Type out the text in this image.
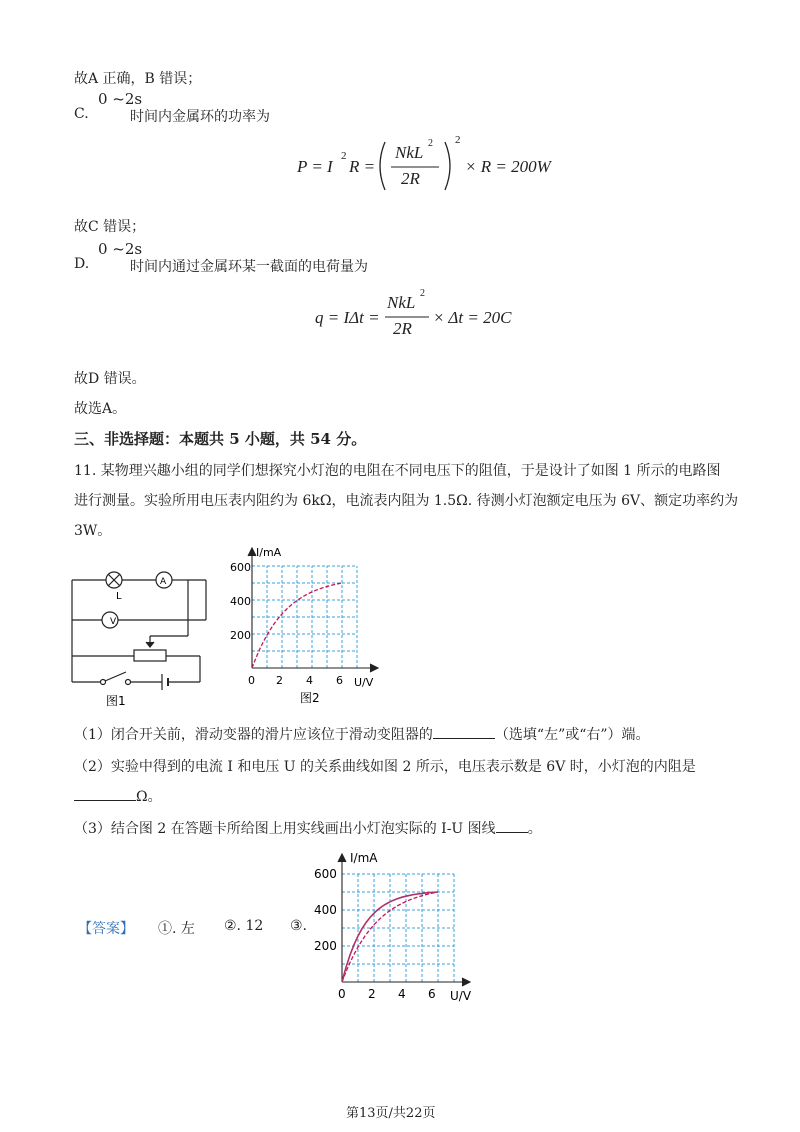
故A 正确，B 错误；
C.
0 ~2s
时间内金属环的功率为
P = I
2
R =
NkL 2
2R
2
× R = 200W
故C 错误；
D.
0 ~2s
时间内通过金属环某一截面的电荷量为
q = IΔt =
NkL 2
2R
× Δt = 20C
故D 错误。
故选A。
三、非选择题：本题共 5 小题，共 54 分。
11. 某物理兴趣小组的同学们想探究小灯泡的电阻在不同电压下的阻值，于是设计了如图 1 所示的电路图
进行测量。实验所用电压表内阻约为 6kΩ，电流表内阻为 1.5Ω. 待测小灯泡额定电压为 6V、额定功率约为
3W。
V
A
L
图1
I/mA
U/V
600
400
200
0 2 4 6
图2
（1）闭合开关前，滑动变器的滑片应该位于滑动变阻器的	（选填“左”或“右”）端。
（2）实验中得到的电流 I 和电压 U 的关系曲线如图 2 所示，电压表示数是 6V 时，小灯泡的内阻是
Ω。
（3）结合图 2 在答题卡所给图上用实线画出小灯泡实际的 I-U 图线 。
【答案】 ①. 左 ②. 12 ③.
I/mA
U/V
600
400
200
0 2 4 6
第13页/共22页
